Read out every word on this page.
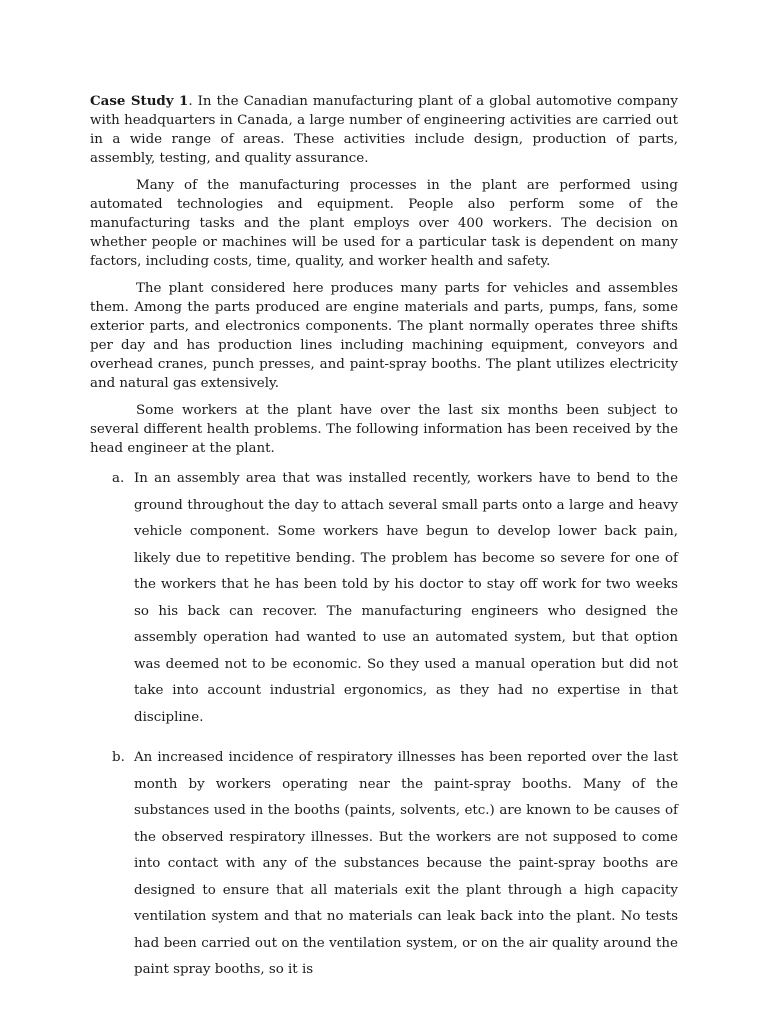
Case Study 1. In the Canadian manufacturing plant of a global automotive company with headquarters in Canada, a large number of engineering activities are carried out in a wide range of areas. These activities include design, production of parts, assembly, testing, and quality assurance.

Many of the manufacturing processes in the plant are performed using automated technologies and equipment. People also perform some of the manufacturing tasks and the plant employs over 400 workers. The decision on whether people or machines will be used for a particular task is dependent on many factors, including costs, time, quality, and worker health and safety.

The plant considered here produces many parts for vehicles and assembles them. Among the parts produced are engine materials and parts, pumps, fans, some exterior parts, and electronics components. The plant normally operates three shifts per day and has production lines including machining equipment, conveyors and overhead cranes, punch presses, and paint-spray booths. The plant utilizes electricity and natural gas extensively.

Some workers at the plant have over the last six months been subject to several different health problems. The following information has been received by the head engineer at the plant.

a. In an assembly area that was installed recently, workers have to bend to the ground throughout the day to attach several small parts onto a large and heavy vehicle component. Some workers have begun to develop lower back pain, likely due to repetitive bending. The problem has become so severe for one of the workers that he has been told by his doctor to stay off work for two weeks so his back can recover. The manufacturing engineers who designed the assembly operation had wanted to use an automated system, but that option was deemed not to be economic. So they used a manual operation but did not take into account industrial ergonomics, as they had no expertise in that discipline.
b. An increased incidence of respiratory illnesses has been reported over the last month by workers operating near the paint-spray booths. Many of the substances used in the booths (paints, solvents, etc.) are known to be causes of the observed respiratory illnesses. But the workers are not supposed to come into contact with any of the substances because the paint-spray booths are designed to ensure that all materials exit the plant through a high capacity ventilation system and that no materials can leak back into the plant. No tests had been carried out on the ventilation system, or on the air quality around the paint spray booths, so it is
